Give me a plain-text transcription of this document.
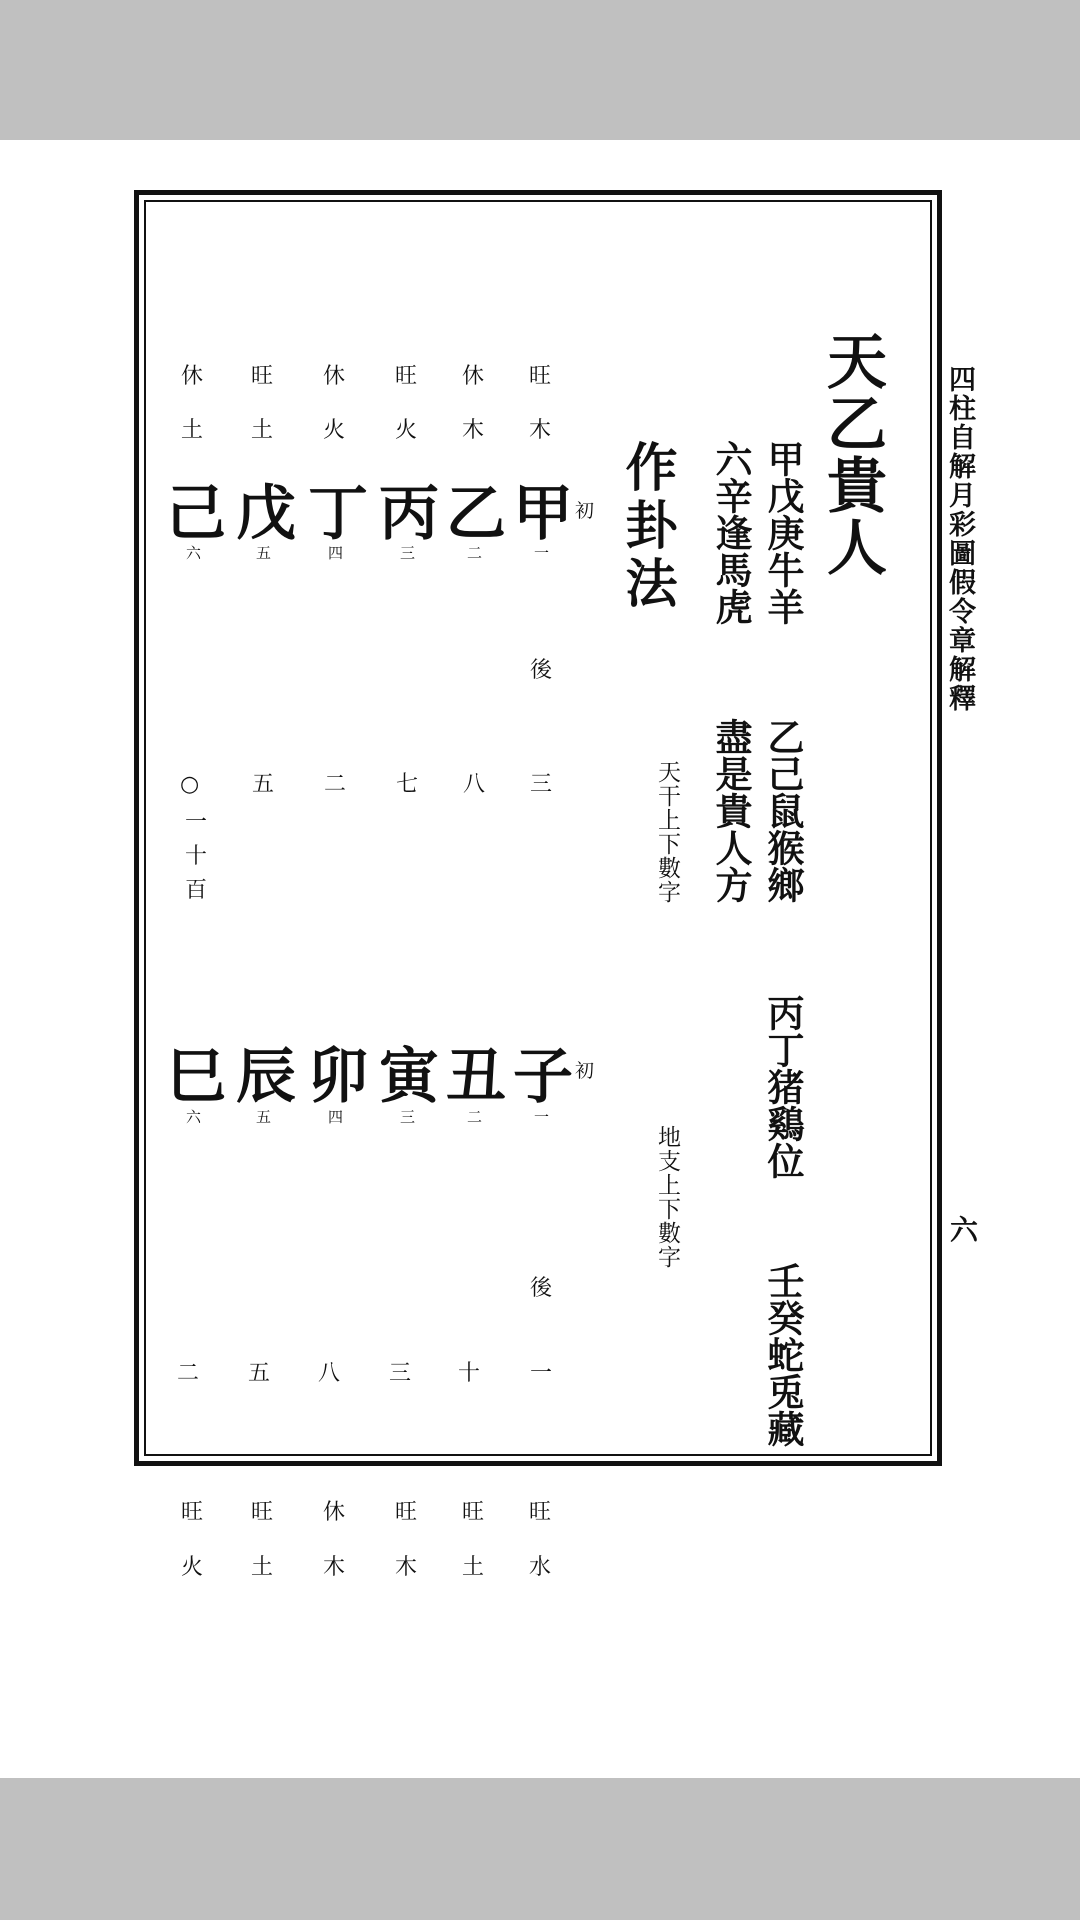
四柱自解月彩圖假令章解釋
六
天乙貴人
甲戊庚牛羊
乙己鼠猴鄉
丙丁猪鷄位
壬癸蛇兎藏
六辛逢馬虎
盡是貴人方
作卦法
天干上下數字
地支上下數字
旺
休
旺
休
旺
休
木
木
火
火
土
土
甲
乙
丙
丁
戊
己	初
一
二
三
四
五
六
後
三
八
七
二
五
○
一
十
百
子
丑
寅
卯
辰
巳	初
一
二
三
四
五
六
後
一
十
三
八
五
二
旺
旺
旺
休
旺
旺
水
土
木
木
土
火
